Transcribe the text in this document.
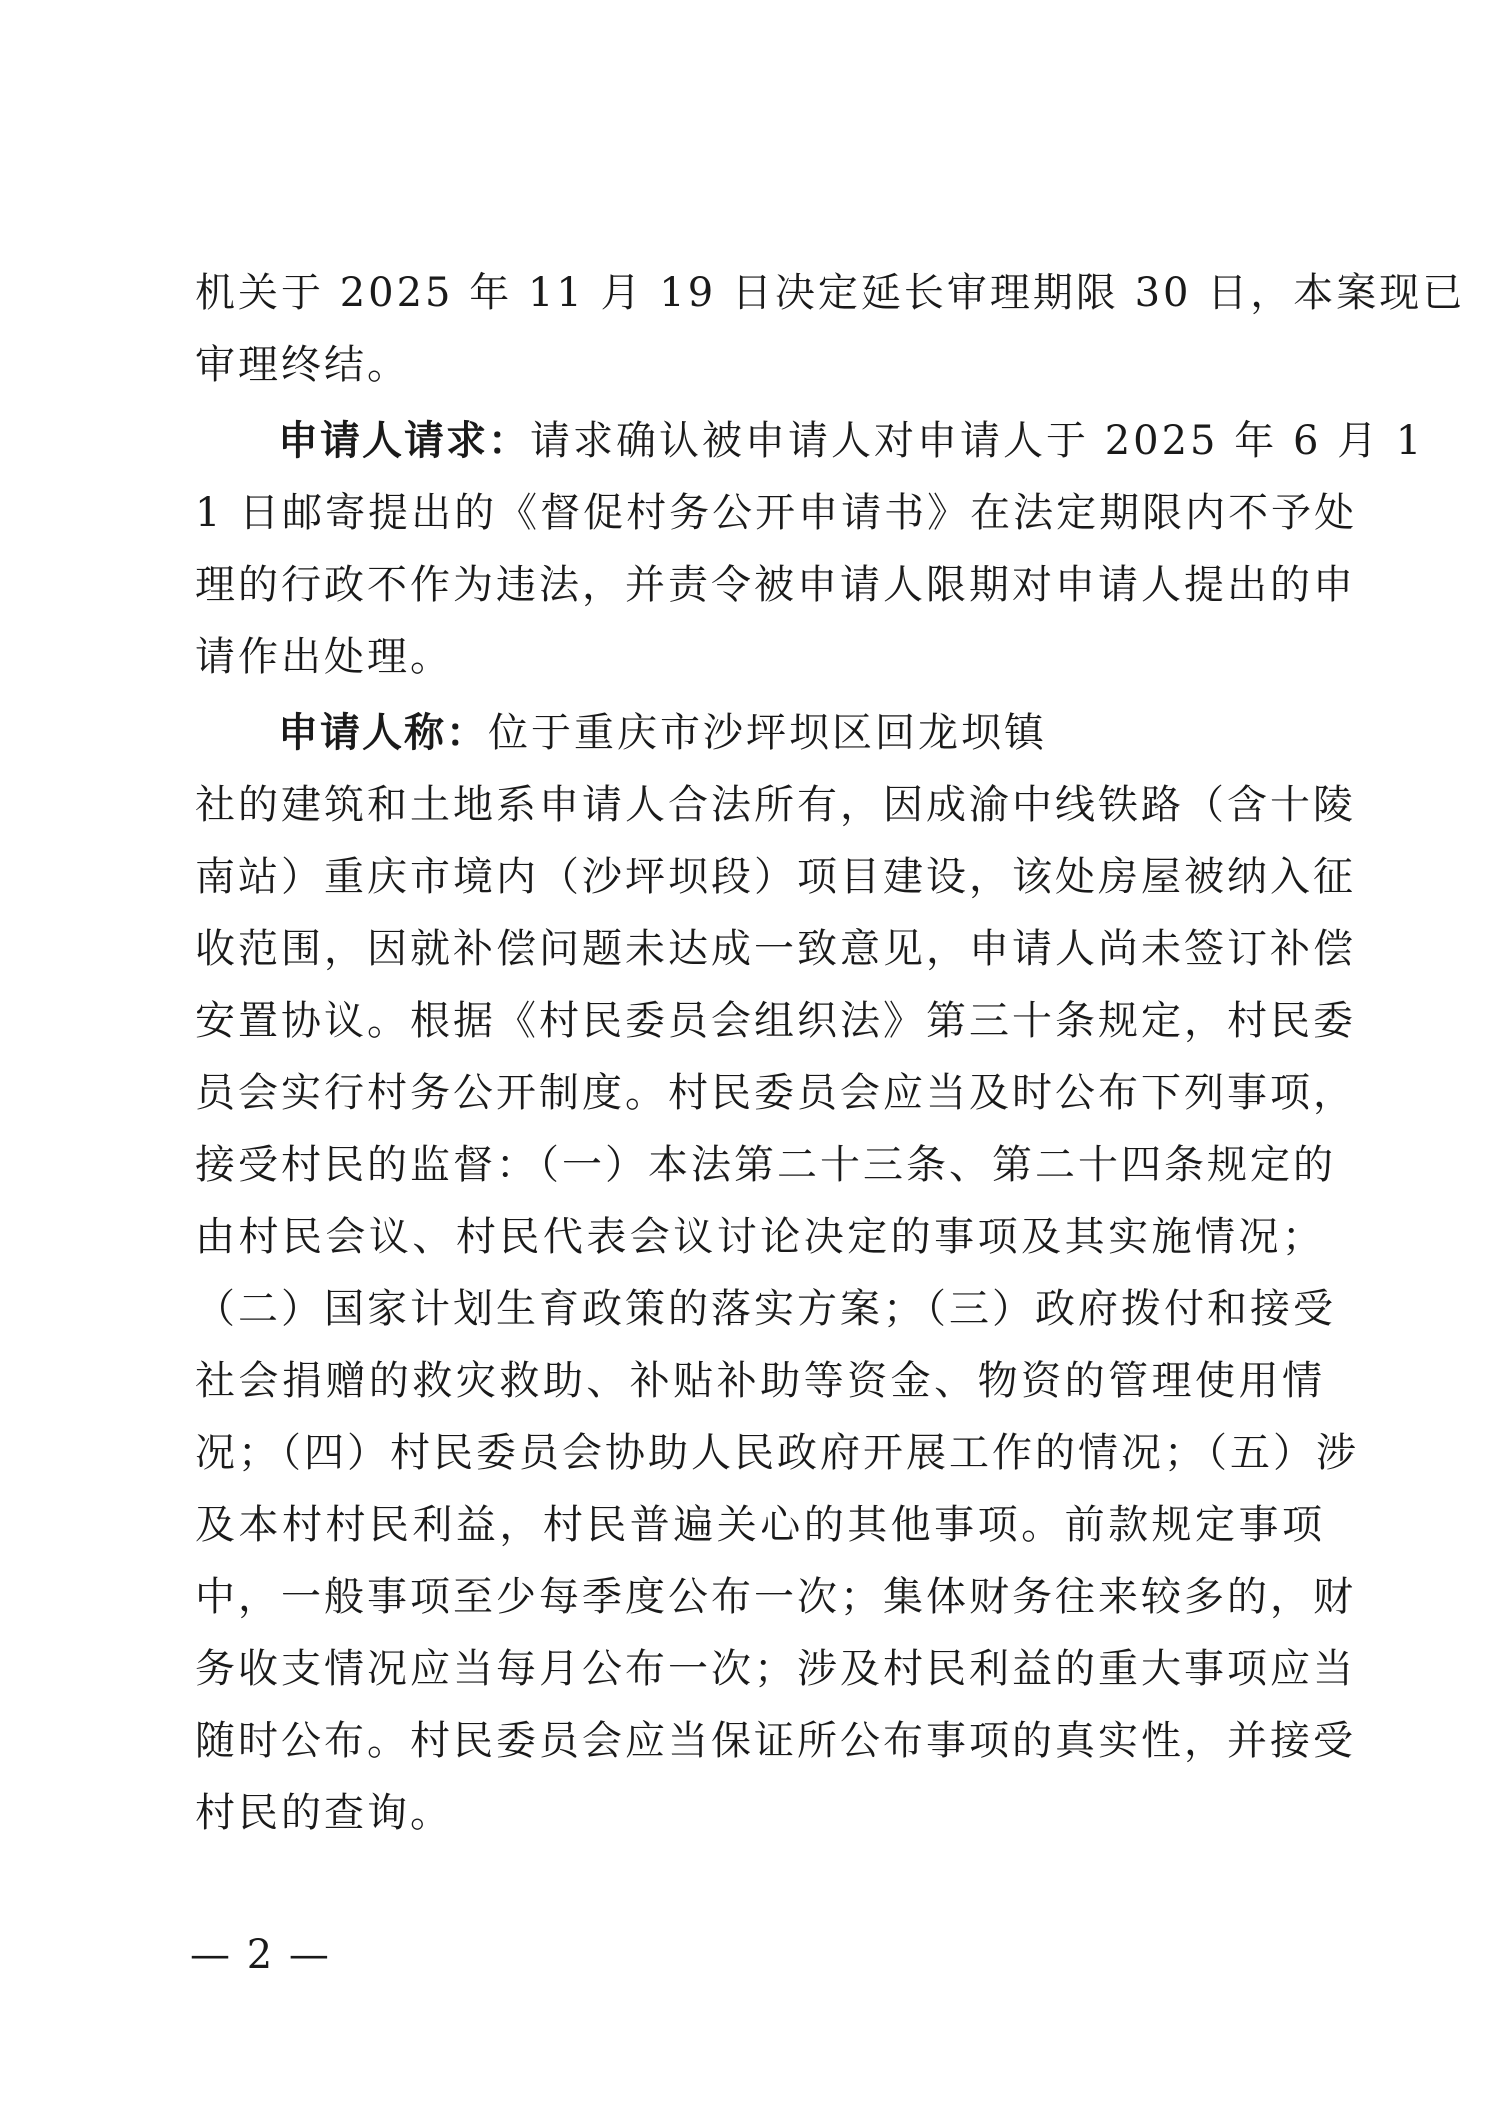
机关于 2025 年 11 月 19 日决定延长审理期限 30 日，本案现已
审理终结。
申请人请求：请求确认被申请人对申请人于 2025 年 6 月 1
1 日邮寄提出的《督促村务公开申请书》在法定期限内不予处
理的行政不作为违法，并责令被申请人限期对申请人提出的申
请作出处理。
申请人称：位于重庆市沙坪坝区回龙坝镇
社的建筑和土地系申请人合法所有，因成渝中线铁路（含十陵
南站）重庆市境内（沙坪坝段）项目建设，该处房屋被纳入征
收范围，因就补偿问题未达成一致意见，申请人尚未签订补偿
安置协议。根据《村民委员会组织法》第三十条规定，村民委
员会实行村务公开制度。村民委员会应当及时公布下列事项，
接受村民的监督：（一）本法第二十三条、第二十四条规定的
由村民会议、村民代表会议讨论决定的事项及其实施情况；
（二）国家计划生育政策的落实方案；（三）政府拨付和接受
社会捐赠的救灾救助、补贴补助等资金、物资的管理使用情
况；（四）村民委员会协助人民政府开展工作的情况；（五）涉
及本村村民利益，村民普遍关心的其他事项。前款规定事项
中，一般事项至少每季度公布一次；集体财务往来较多的，财
务收支情况应当每月公布一次；涉及村民利益的重大事项应当
随时公布。村民委员会应当保证所公布事项的真实性，并接受
村民的查询。
— 2 —
